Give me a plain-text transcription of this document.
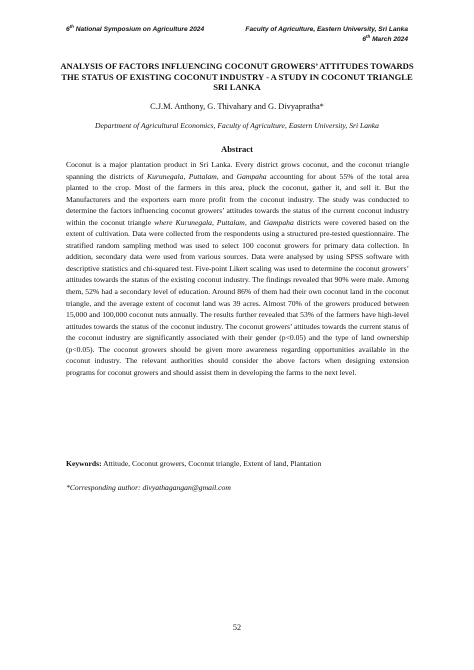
6th National Symposium on Agriculture 2024	Faculty of Agriculture, Eastern University, Sri Lanka
6th March 2024
ANALYSIS OF FACTORS INFLUENCING COCONUT GROWERS’ ATTITUDES TOWARDS THE STATUS OF EXISTING COCONUT INDUSTRY - A STUDY IN COCONUT TRIANGLE SRI LANKA
C.J.M. Anthony, G. Thivahary and G. Divyapratha*
Department of Agricultural Economics, Faculty of Agriculture, Eastern University, Sri Lanka
Abstract

Coconut is a major plantation product in Sri Lanka. Every district grows coconut, and the coconut triangle spanning the districts of Kurunegala, Puttalam, and Gampaha accounting for about 55% of the total area planted to the crop. Most of the farmers in this area, pluck the coconut, gather it, and sell it. But the Manufacturers and the exporters earn more profit from the coconut industry. The study was conducted to determine the factors influencing coconut growers’ attitudes towards the status of the current coconut industry within the coconut triangle where Kurunegala, Puttalam, and Gampaha districts were covered based on the extent of cultivation. Data were collected from the respondents using a structured pre-tested questionnaire. The stratified random sampling method was used to select 100 coconut growers for primary data collection. In addition, secondary data were used from various sources. Data were analysed by using SPSS software with descriptive statistics and chi-squared test. Five-point Likert scaling was used to determine the coconut growers’ attitudes towards the status of the existing coconut industry. The findings revealed that 90% were male. Among them, 52% had a secondary level of education. Around 86% of them had their own coconut land in the coconut triangle, and the average extent of coconut land was 39 acres. Almost 70% of the growers produced between 15,000 and 100,000 coconut nuts annually. The results further revealed that 53% of the farmers have high-level attitudes towards the status of the coconut industry. The coconut growers’ attitudes towards the current status of the coconut industry are significantly associated with their gender (p<0.05) and the type of land ownership (p<0.05). The coconut growers should be given more awareness regarding opportunities available in the coconut industry. The relevant authorities should consider the above factors when designing extension programs for coconut growers and should assist them in developing the farms to the next level.

Keywords: Attitude, Coconut growers, Coconut triangle, Extent of land, Plantation
*Corresponding author: divyathagangan@gmail.com
52
